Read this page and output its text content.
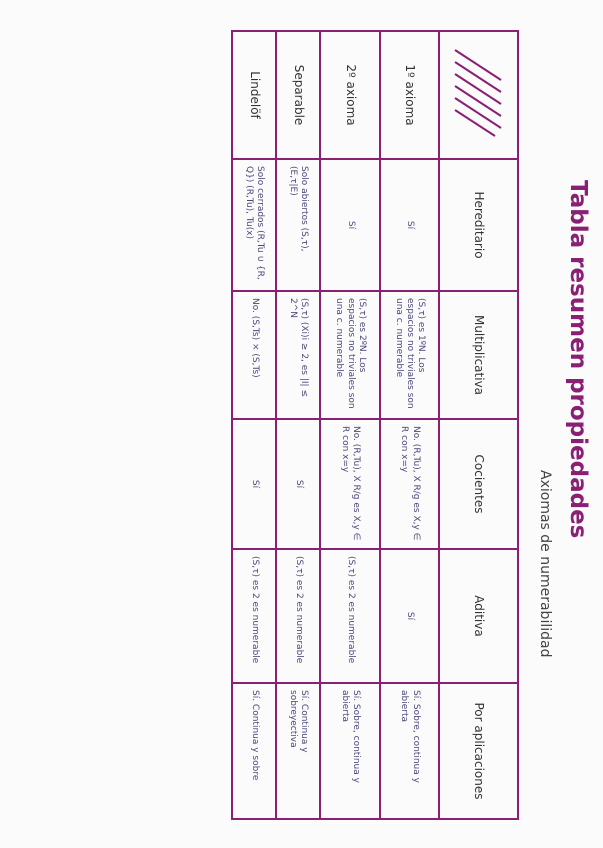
Tabla resumen propiedades

Axiomas de numerabilidad

	Hereditario	Multiplicativa	Cocientes	Aditiva	Por aplicaciones
1º axioma	Sí	(S,τ) es 1ºN. Los espacios no triviales son una c. numerable	No. (R,Tu), X R/g es X,y ∈ R con x=y	Sí	Sí. Sobre, continua y abierta
2º axioma	Sí	(S,τ) es 2ºN. Los espacios no triviales son una c. numerable	No. (R,Tu), X R/g es X,y ∈ R con x=y	(S,τ) es 2 es numerable	Sí. Sobre, continua y abierta
Separable	Solo abiertos (S,τ), (E,τ|E)	(S,τ) (Xi)i ≥ 2, es |I| ≤ 2^N	Sí	(S,τ) es 2 es numerable	Sí. Continua y sobreyectiva
Lindelöf	Solo cerrados (R,Tu ∪ {R, Q}) (R,Tu), Tu(x)	No. (S,Ts) × (S,Ts)	Sí	(S,τ) es 2 es numerable	Sí. Continua y sobre
